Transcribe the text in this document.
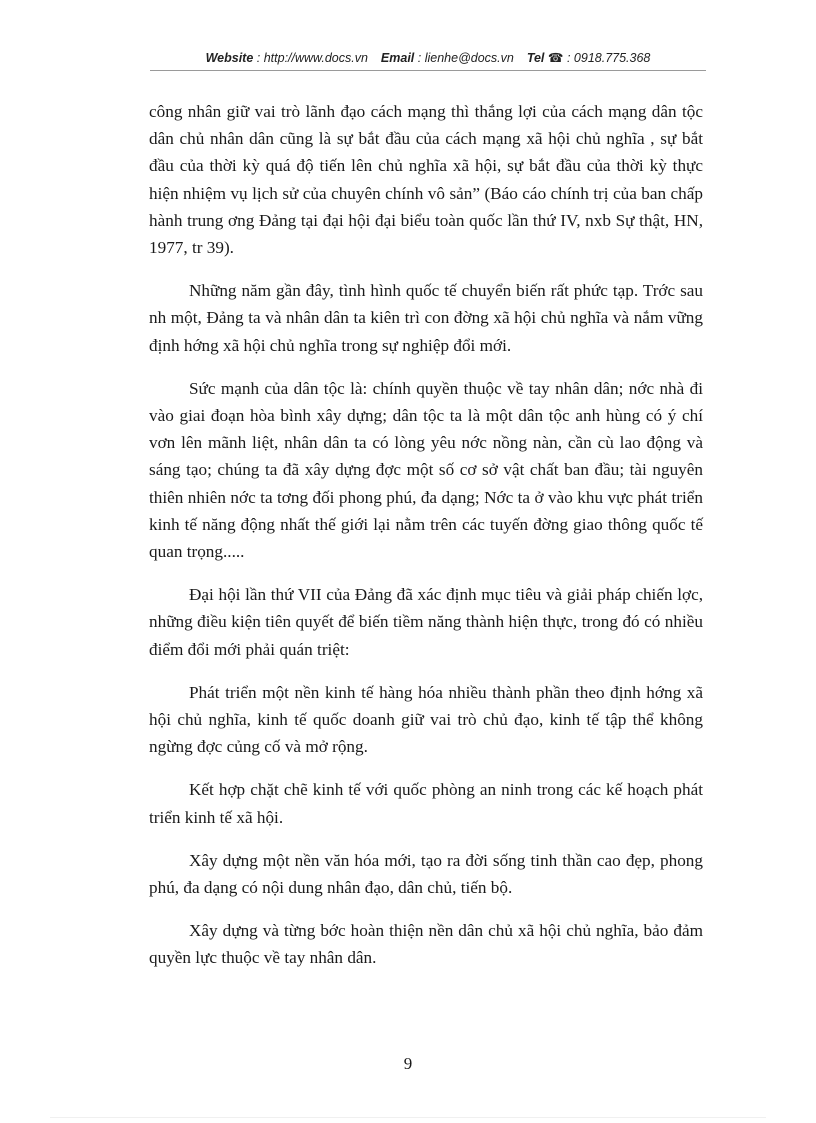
Website : http://www.docs.vn Email : lienhe@docs.vn Tel ☎ : 0918.775.368

công nhân giữ vai trò lãnh đạo cách mạng thì thắng lợi của cách mạng dân tộc dân chủ nhân dân cũng là sự bắt đầu của cách mạng xã hội chủ nghĩa , sự bắt đầu của thời kỳ quá độ tiến lên chủ nghĩa xã hội, sự bắt đầu của thời kỳ thực hiện nhiệm vụ lịch sử của chuyên chính vô sản” (Báo cáo chính trị của ban chấp hành trung ơng Đảng tại đại hội đại biểu toàn quốc lần thứ IV, nxb Sự thật, HN, 1977, tr 39).

Những năm gần đây, tình hình quốc tế chuyển biến rất phức tạp. Trớc sau nh một, Đảng ta và nhân dân ta kiên trì con đờng xã hội chủ nghĩa và nắm vững định hớng xã hội chủ nghĩa trong sự nghiệp đổi mới.

Sức mạnh của dân tộc là: chính quyền thuộc về tay nhân dân; nớc nhà đi vào giai đoạn hòa bình xây dựng; dân tộc ta là một dân tộc anh hùng có ý chí vơn lên mãnh liệt, nhân dân ta có lòng yêu nớc nồng nàn, cần cù lao động và sáng tạo; chúng ta đã xây dựng đợc một số cơ sở vật chất ban đầu; tài nguyên thiên nhiên nớc ta tơng đối phong phú, đa dạng; Nớc ta ở vào khu vực phát triển kinh tế năng động nhất thế giới lại nằm trên các tuyến đờng giao thông quốc tế quan trọng.....

Đại hội lần thứ VII của Đảng đã xác định mục tiêu và giải pháp chiến lợc, những điều kiện tiên quyết để biến tiềm năng thành hiện thực, trong đó có nhiều điểm đổi mới phải quán triệt:

Phát triển một nền kinh tế hàng hóa nhiều thành phần theo định hớng xã hội chủ nghĩa, kinh tế quốc doanh giữ vai trò chủ đạo, kinh tế tập thể không ngừng đợc củng cố và mở rộng.

Kết hợp chặt chẽ kinh tế với quốc phòng an ninh trong các kế hoạch phát triển kinh tế xã hội.

Xây dựng một nền văn hóa mới, tạo ra đời sống tinh thần cao đẹp, phong phú, đa dạng có nội dung nhân đạo, dân chủ, tiến bộ.

Xây dựng và từng bớc hoàn thiện nền dân chủ xã hội chủ nghĩa, bảo đảm quyền lực thuộc về tay nhân dân.

9
